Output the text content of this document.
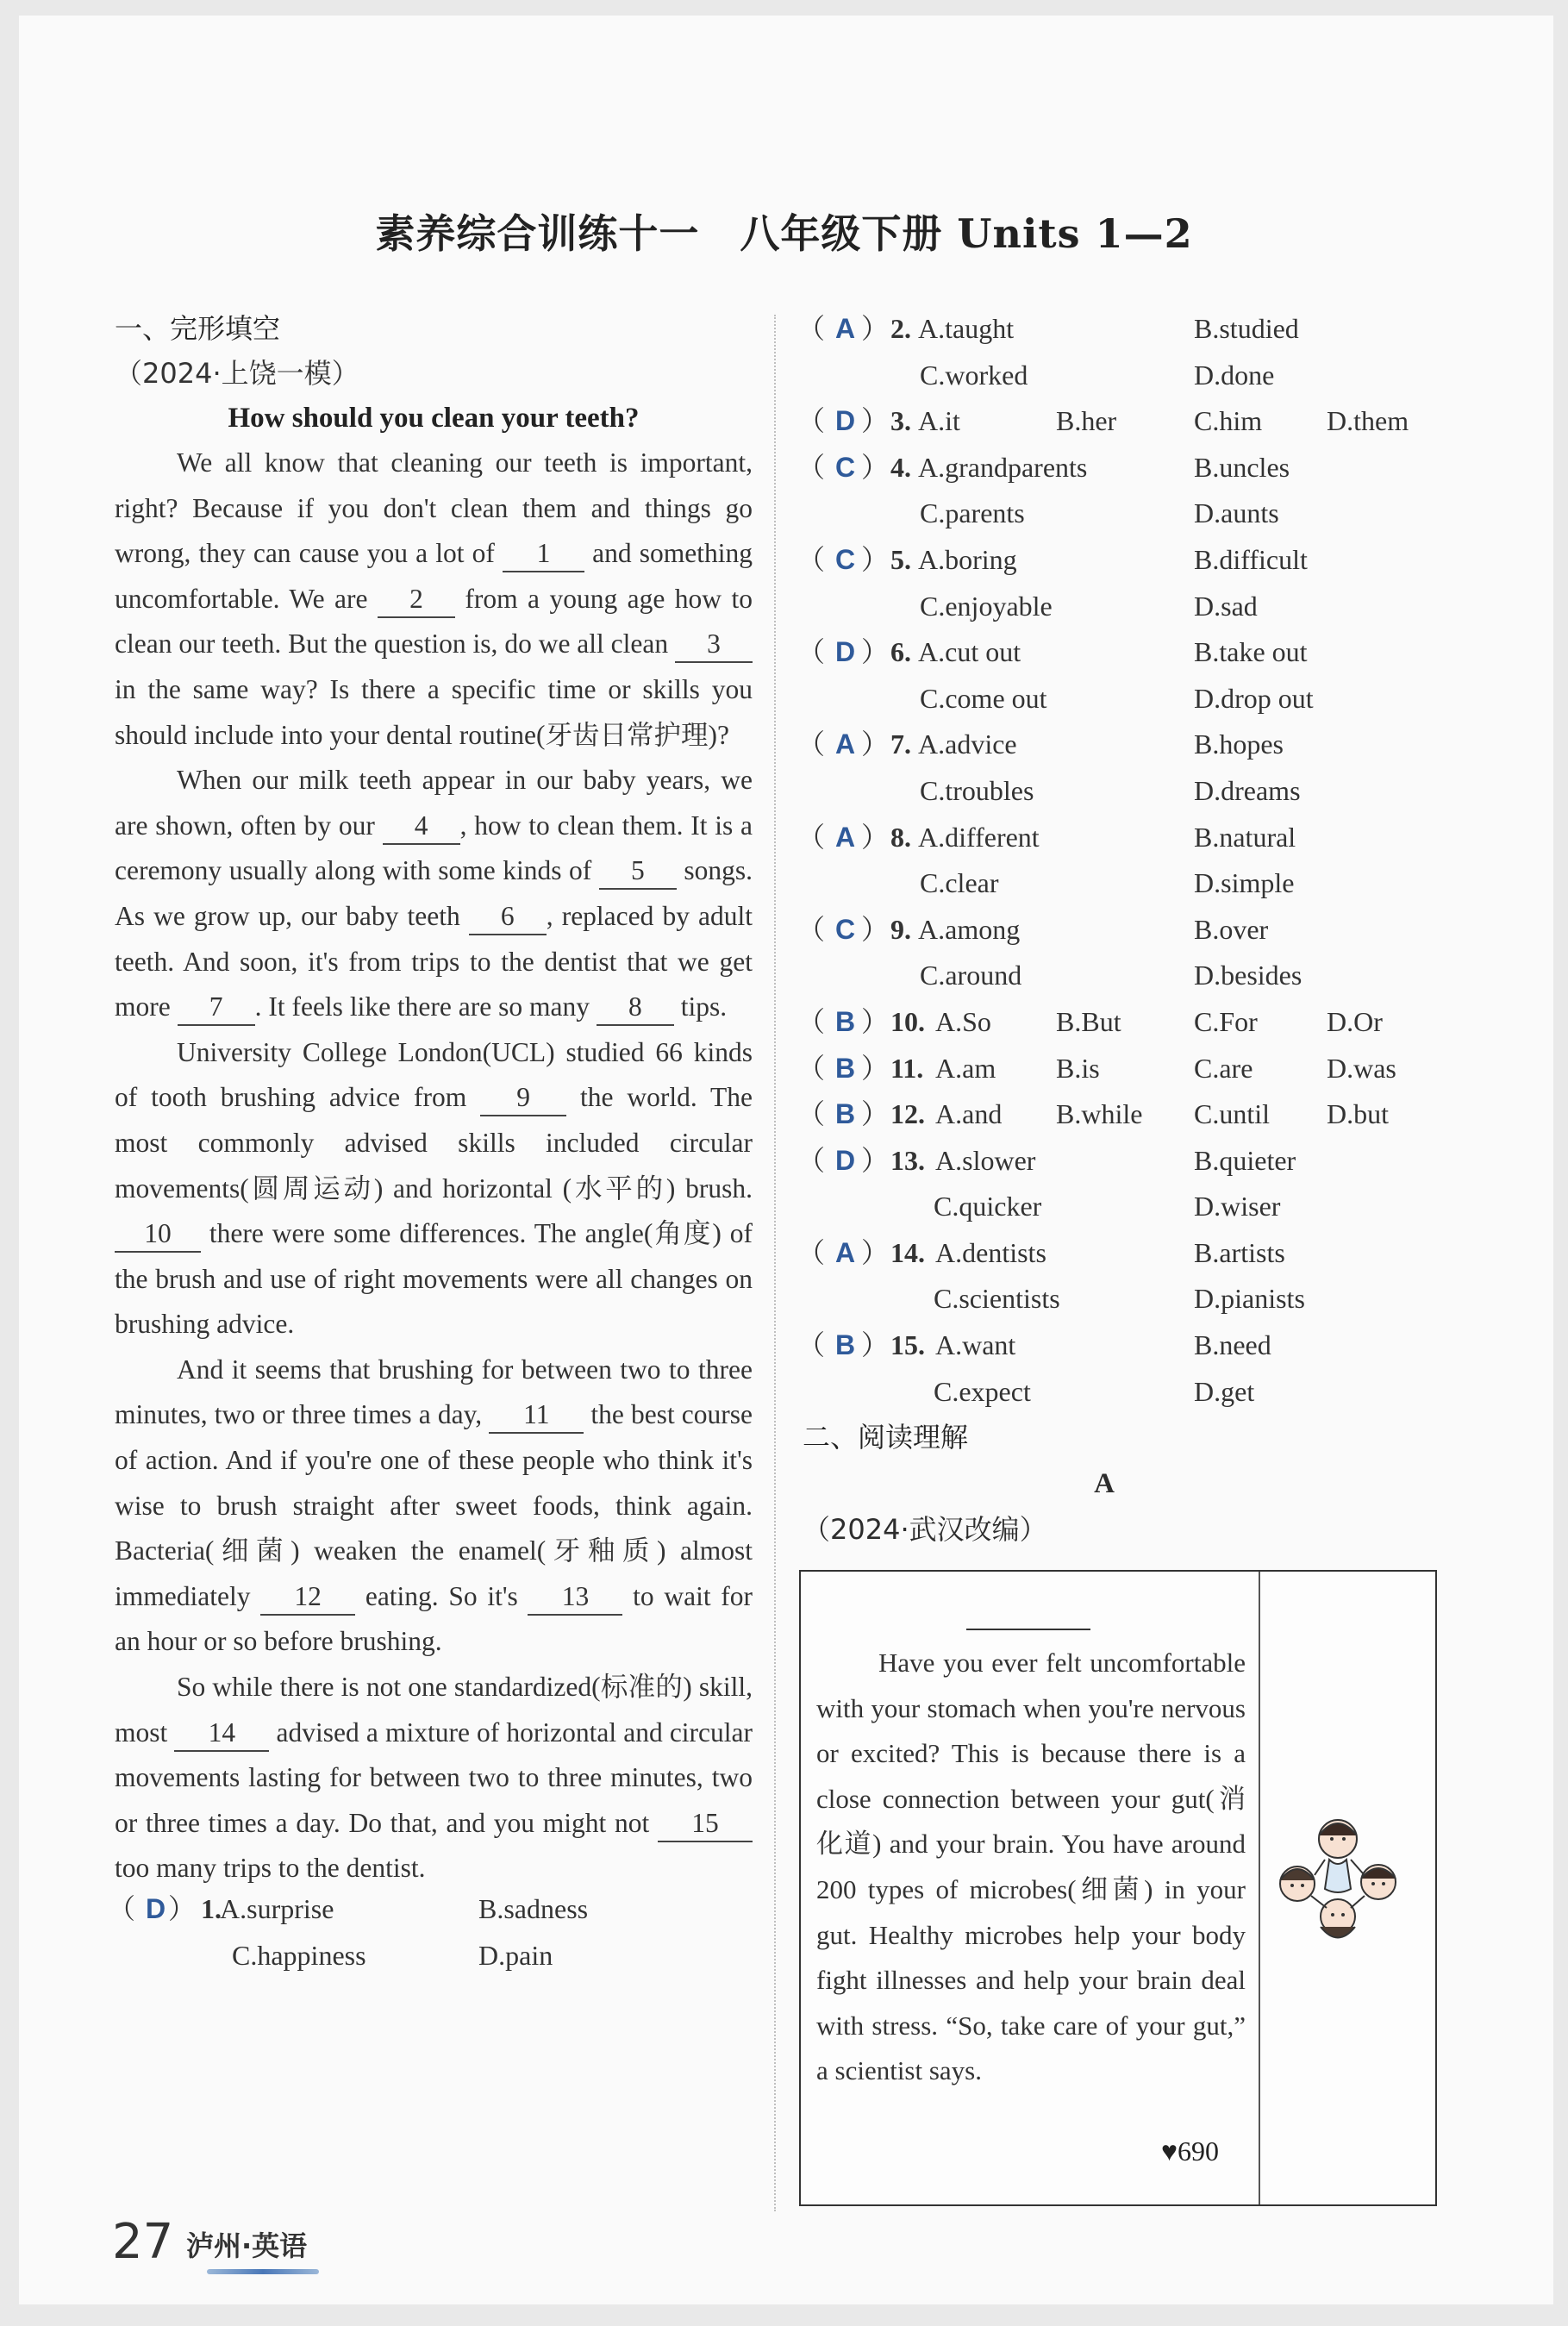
素养综合训练十一　八年级下册 Units 1—2
一、完形填空
（2024·上饶一模）
How should you clean your teeth?

We all know that cleaning our teeth is important, right? Because if you don't clean them and things go wrong, they can cause you a lot of 1 and something uncomfortable. We are 2 from a young age how to clean our teeth. But the question is, do we all clean 3 in the same way? Is there a specific time or skills you should include into your dental routine(牙齿日常护理)?

When our milk teeth appear in our baby years, we are shown, often by our 4 , how to clean them. It is a ceremony usually along with some kinds of 5 songs. As we grow up, our baby teeth 6 , replaced by adult teeth. And soon, it's from trips to the dentist that we get more 7 . It feels like there are so many 8 tips.

University College London(UCL) studied 66 kinds of tooth brushing advice from 9 the world. The most commonly advised skills included circular movements(圆周运动) and horizontal (水平的) brush. 10 there were some differences. The angle(角度) of the brush and use of right movements were all changes on brushing advice.

And it seems that brushing for between two to three minutes, two or three times a day, 11 the best course of action. And if you're one of these people who think it's wise to brush straight after sweet foods, think again. Bacteria(细菌) weaken the enamel(牙釉质) almost immediately 12 eating. So it's 13 to wait for an hour or so before brushing.

So while there is not one standardized(标准的) skill, most 14 advised a mixture of horizontal and circular movements lasting for between two to three minutes, two or three times a day. Do that, and you might not 15 too many trips to the dentist.

（ D ） 1.
A.surprise	B.sadness
C.happiness	D.pain
（ A ） 2. A.taught	B.studied
C.worked	D.done
（ D ） 3. A.it	B.her	C.him D.them
（ C ） 4. A.grandparents	B.uncles
C.parents	D.aunts
（ C ） 5. A.boring	B.difficult
C.enjoyable	D.sad
（ D ） 6. A.cut out	B.take out
C.come out	D.drop out
（ A ） 7. A.advice	B.hopes
C.troubles	D.dreams
（ A ） 8. A.different	B.natural
C.clear	D.simple
（ C ） 9. A.among	B.over
C.around	D.besides
（ B ） 10. A.So B.But	C.For	D.Or
（ B ） 11. A.am B.is	C.are	D.was
（ B ） 12. A.and B.while C.until D.but
（ D ） 13. A.slower	B.quieter
C.quicker	D.wiser
（ A ） 14. A.dentists	B.artists
C.scientists	D.pianists
（ B ） 15. A.want	B.need
C.expect	D.get
二、阅读理解
A
（2024·武汉改编）
Have you ever felt uncomfortable with your stomach when you're nervous or excited? This is because there is a close connection between your gut(消化道) and your brain. You have around 200 types of microbes(细菌) in your gut. Healthy microbes help your body fight illnesses and help your brain deal with stress. “So, take care of your gut,” a scientist says.
♥690
27 泸州·英语
